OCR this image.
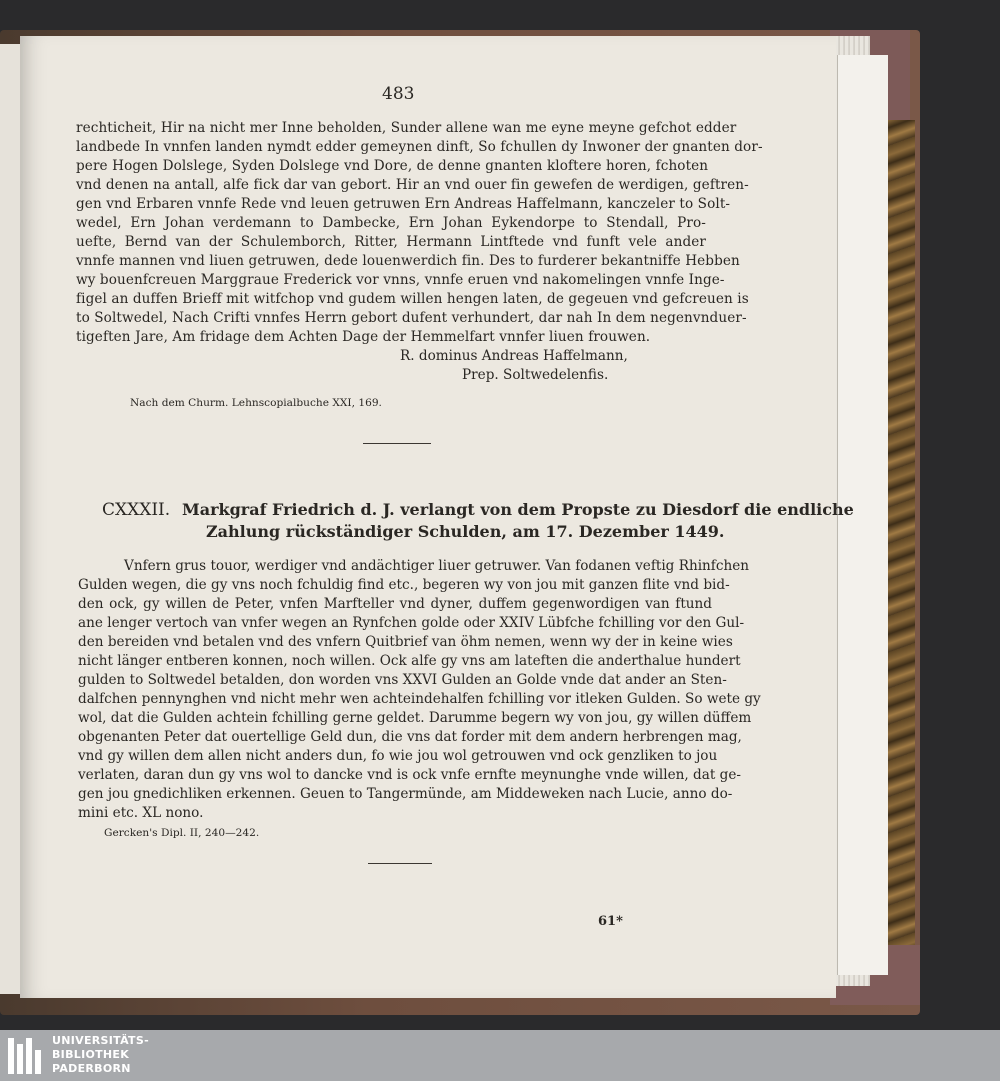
483
rechticheit, Hir na nicht mer Inne beholden, Sunder allene wan me eyne meyne gefchot edder
landbede In vnnfen landen nymdt edder gemeynen dinft, So fchullen dy Inwoner der gnanten dor-
pere Hogen Dolslege, Syden Dolslege vnd Dore, de denne gnanten kloftere horen, fchoten
vnd denen na antall, alfe fick dar van gebort. Hir an vnd ouer fin gewefen de werdigen, geftren-
gen vnd Erbaren vnnfe Rede vnd leuen getruwen Ern Andreas Haffelmann, kanczeler to Solt-
wedel, Ern Johan verdemann to Dambecke, Ern Johan Eykendorpe to Stendall, Pro-
uefte, Bernd van der Schulemborch, Ritter, Hermann Lintftede vnd funft vele ander
vnnfe mannen vnd liuen getruwen, dede louenwerdich fin. Des to furderer bekantniffe Hebben
wy bouenfcreuen Marggraue Frederick vor vnns, vnnfe eruen vnd nakomelingen vnnfe Inge-
figel an duffen Brieff mit witfchop vnd gudem willen hengen laten, de gegeuen vnd gefcreuen is
to Soltwedel, Nach Crifti vnnfes Herrn gebort dufent verhundert, dar nah In dem negenvnduer-
tigeften Jare, Am fridage dem Achten Dage der Hemmelfart vnnfer liuen frouwen.
R. dominus Andreas Haffelmann,
Prep. Soltwedelenfis.
Nach dem Churm. Lehnscopialbuche XXI, 169.
CXXXII. Markgraf Friedrich d. J. verlangt von dem Propste zu Diesdorf die endliche
Zahlung rückständiger Schulden, am 17. Dezember 1449.
Vnfern grus touor, werdiger vnd andächtiger liuer getruwer. Van fodanen veftig Rhinfchen
Gulden wegen, die gy vns noch fchuldig find etc., begeren wy von jou mit ganzen flite vnd bid-
den ock, gy willen de Peter, vnfen Marfteller vnd dyner, duffem gegenwordigen van ftund
ane lenger vertoch van vnfer wegen an Rynfchen golde oder XXIV Lübfche fchilling vor den Gul-
den bereiden vnd betalen vnd des vnfern Quitbrief van öhm nemen, wenn wy der in keine wies
nicht länger entberen konnen, noch willen. Ock alfe gy vns am lateften die anderthalue hundert
gulden to Soltwedel betalden, don worden vns XXVI Gulden an Golde vnde dat ander an Sten-
dalfchen pennynghen vnd nicht mehr wen achteindehalfen fchilling vor itleken Gulden. So wete gy
wol, dat die Gulden achtein fchilling gerne geldet. Darumme begern wy von jou, gy willen düffem
obgenanten Peter dat ouertellige Geld dun, die vns dat forder mit dem andern herbrengen mag,
vnd gy willen dem allen nicht anders dun, fo wie jou wol getrouwen vnd ock genzliken to jou
verlaten, daran dun gy vns wol to dancke vnd is ock vnfe ernfte meynunghe vnde willen, dat ge-
gen jou gnedichliken erkennen. Geuen to Tangermünde, am Middeweken nach Lucie, anno do-
mini etc. XL nono.
Gercken's Dipl. II, 240—242.
61*
UNIVERSITÄTS-
BIBLIOTHEK
PADERBORN
